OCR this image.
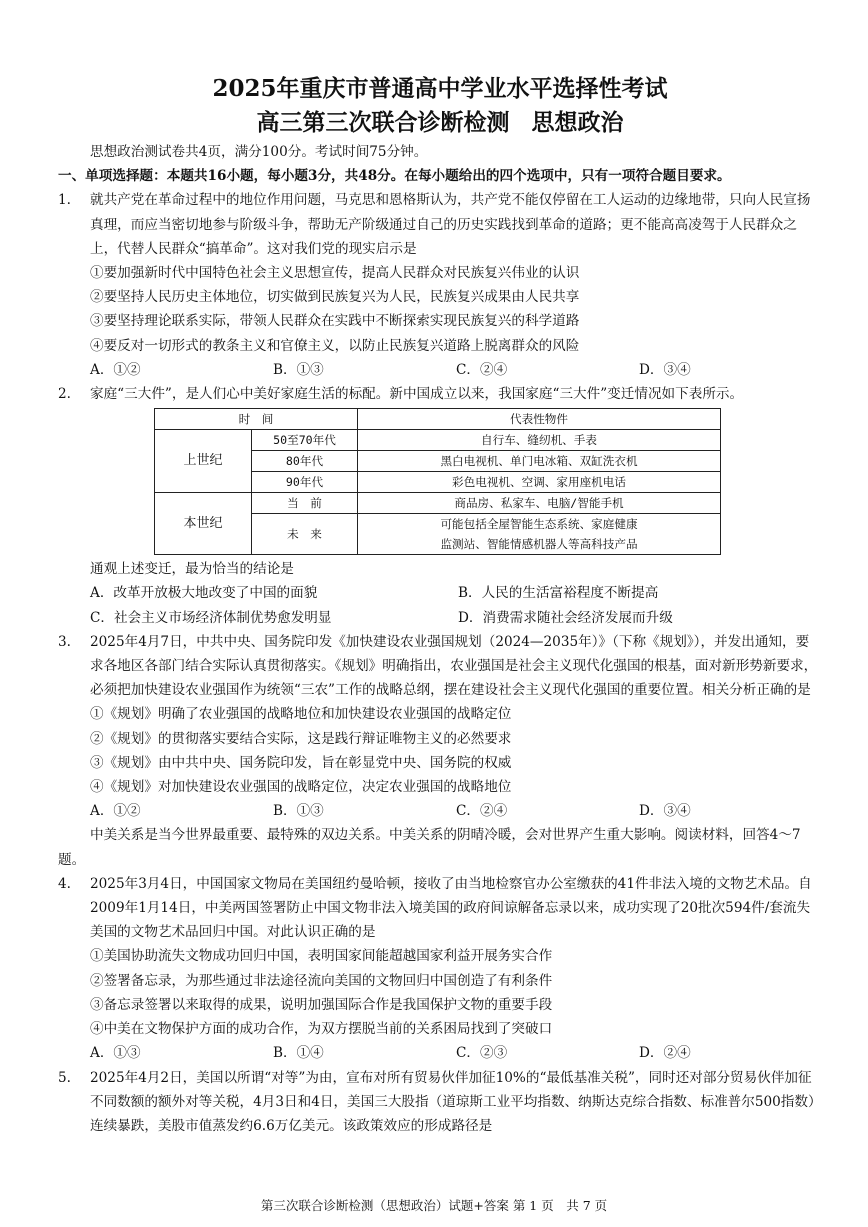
2025年重庆市普通高中学业水平选择性考试
高三第三次联合诊断检测 思想政治

思想政治测试卷共4页，满分100分。考试时间75分钟。

一、单项选择题：本题共16小题，每小题3分，共48分。在每小题给出的四个选项中，只有一项符合题目要求。

1.	就共产党在革命过程中的地位作用问题，马克思和恩格斯认为，共产党不能仅停留在工人运动的边缘地带，只向人民宣扬真理，而应当密切地参与阶级斗争，帮助无产阶级通过自己的历史实践找到革命的道路；更不能高高凌驾于人民群众之上，代替人民群众“搞革命”。这对我们党的现实启示是

①要加强新时代中国特色社会主义思想宣传，提高人民群众对民族复兴伟业的认识

②要坚持人民历史主体地位，切实做到民族复兴为人民，民族复兴成果由人民共享

③要坚持理论联系实际，带领人民群众在实践中不断探索实现民族复兴的科学道路

④要反对一切形式的教条主义和官僚主义，以防止民族复兴道路上脱离群众的风险

A．①②	B．①③	C．②④	D．③④
2.	家庭“三大件”，是人们心中美好家庭生活的标配。新中国成立以来，我国家庭“三大件”变迁情况如下表所示。

时　间		代表性物件
上世纪	50至70年代	自行车、缝纫机、手表
	80年代	黑白电视机、单门电冰箱、双缸洗衣机
	90年代	彩色电视机、空调、家用座机电话
本世纪	当　前	商品房、私家车、电脑/智能手机
	未　来	可能包括全屋智能生态系统、家庭健康
监测站、智能情感机器人等高科技产品

通观上述变迁，最为恰当的结论是

A．改革开放极大地改变了中国的面貌	B．人民的生活富裕程度不断提高
C．社会主义市场经济体制优势愈发明显	D．消费需求随社会经济发展而升级
3.	2025年4月7日，中共中央、国务院印发《加快建设农业强国规划（2024—2035年）》（下称《规划》），并发出通知，要求各地区各部门结合实际认真贯彻落实。《规划》明确指出，农业强国是社会主义现代化强国的根基，面对新形势新要求，必须把加快建设农业强国作为统领“三农”工作的战略总纲，摆在建设社会主义现代化强国的重要位置。相关分析正确的是

①《规划》明确了农业强国的战略地位和加快建设农业强国的战略定位

②《规划》的贯彻落实要结合实际，这是践行辩证唯物主义的必然要求

③《规划》由中共中央、国务院印发，旨在彰显党中央、国务院的权威

④《规划》对加快建设农业强国的战略定位，决定农业强国的战略地位

A．①②	B．①③	C．②④	D．③④

中美关系是当今世界最重要、最特殊的双边关系。中美关系的阴晴冷暖，会对世界产生重大影响。阅读材料，回答4～7题。

4.	2025年3月4日，中国国家文物局在美国纽约曼哈顿，接收了由当地检察官办公室缴获的41件非法入境的文物艺术品。自2009年1月14日，中美两国签署防止中国文物非法入境美国的政府间谅解备忘录以来，成功实现了20批次594件/套流失美国的文物艺术品回归中国。对此认识正确的是

①美国协助流失文物成功回归中国，表明国家间能超越国家利益开展务实合作

②签署备忘录，为那些通过非法途径流向美国的文物回归中国创造了有利条件

③备忘录签署以来取得的成果，说明加强国际合作是我国保护文物的重要手段

④中美在文物保护方面的成功合作，为双方摆脱当前的关系困局找到了突破口

A．①③	B．①④	C．②③	D．②④
5.	2025年4月2日，美国以所谓“对等”为由，宣布对所有贸易伙伴加征10%的“最低基准关税”，同时还对部分贸易伙伴加征不同数额的额外对等关税，4月3日和4日，美国三大股指（道琼斯工业平均指数、纳斯达克综合指数、标准普尔500指数）连续暴跌，美股市值蒸发约6.6万亿美元。该政策效应的形成路径是

第三次联合诊断检测（思想政治）试题+答案 第 1 页　共 7 页
